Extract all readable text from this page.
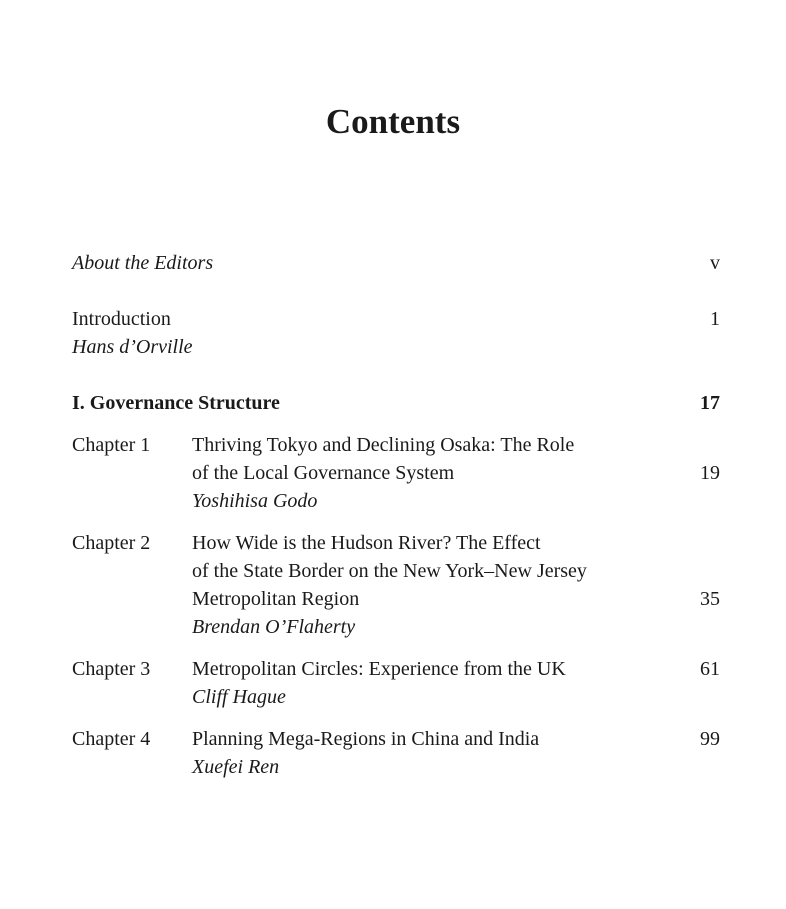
Contents
About the Editors	v
Introduction
Hans d’Orville
1
I. Governance Structure	17
Chapter 1 Thriving Tokyo and Declining Osaka: The Role
of the Local Governance System
Yoshihisa Godo
19
Chapter 2 How Wide is the Hudson River? The Effect
of the State Border on the New York–New Jersey
Metropolitan Region
Brendan O’Flaherty
35
Chapter 3 Metropolitan Circles: Experience from the UK
Cliff Hague
61
Chapter 4 Planning Mega-Regions in China and India
Xuefei Ren
99
